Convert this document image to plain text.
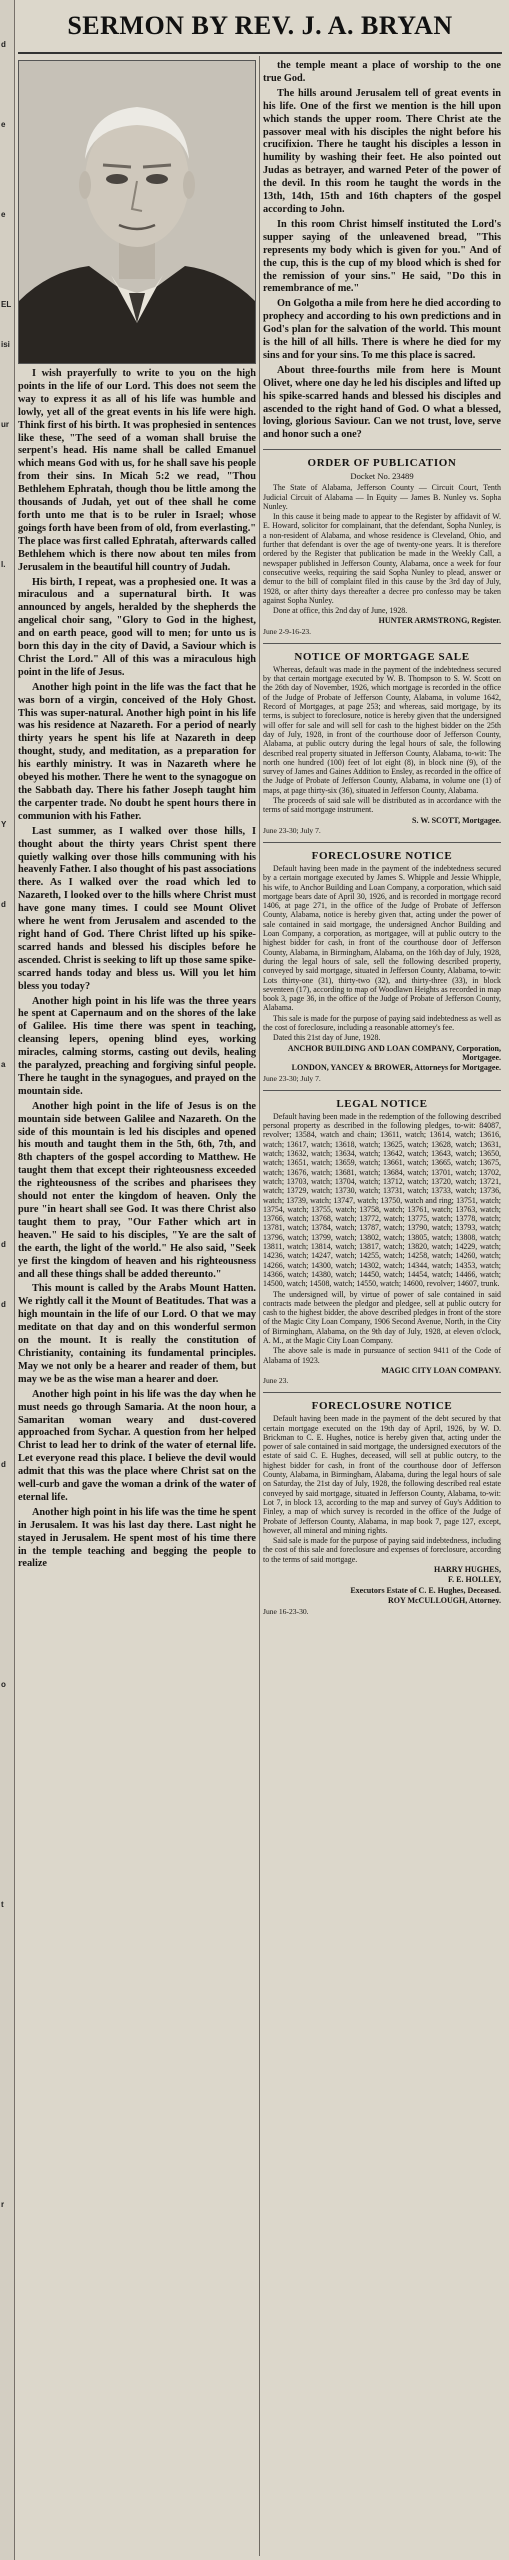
d
e
e
EL
isi
ur
l.
Y
d
a
d
d
d
o
t
r
SERMON BY REV. J. A. BRYAN

I wish prayerfully to write to you on the high points in the life of our Lord. This does not seem the way to express it as all of his life was humble and lowly, yet all of the great events in his life were high. Think first of his birth. It was prophesied in sentences like these, "The seed of a woman shall bruise the serpent's head. His name shall be called Emanuel which means God with us, for he shall save his people from their sins. In Micah 5:2 we read, "Thou Bethlehem Ephratah, though thou be little among the thousands of Judah, yet out of thee shall he come forth unto me that is to be ruler in Israel; whose goings forth have been from of old, from everlasting." The place was first called Ephratah, afterwards called Bethlehem which is there now about ten miles from Jerusalem in the beautiful hill country of Judah.

His birth, I repeat, was a prophesied one. It was a miraculous and a supernatural birth. It was announced by angels, heralded by the shepherds the angelical choir sang, "Glory to God in the highest, and on earth peace, good will to men; for unto us is born this day in the city of David, a Saviour which is Christ the Lord." All of this was a miraculous high point in the life of Jesus.

Another high point in the life was the fact that he was born of a virgin, conceived of the Holy Ghost. This was super-natural. Another high point in his life was his residence at Nazareth. For a period of nearly thirty years he spent his life at Nazareth in deep thought, study, and meditation, as a preparation for his earthly ministry. It was in Nazareth where he obeyed his mother. There he went to the synagogue on the Sabbath day. There his father Joseph taught him the carpenter trade. No doubt he spent hours there in communion with his Father.

Last summer, as I walked over those hills, I thought about the thirty years Christ spent there quietly walking over those hills communing with his heavenly Father. I also thought of his past associations there. As I walked over the road which led to Nazareth, I looked over to the hills where Christ must have gone many times. I could see Mount Olivet where he went from Jerusalem and ascended to the right hand of God. There Christ lifted up his spike-scarred hands and blessed his disciples before he ascended. Christ is seeking to lift up those same spike-scarred hands today and bless us. Will you let him bless you today?

Another high point in his life was the three years he spent at Capernaum and on the shores of the lake of Galilee. His time there was spent in teaching, cleansing lepers, opening blind eyes, working miracles, calming storms, casting out devils, healing the paralyzed, preaching and forgiving sinful people. There he taught in the synagogues, and prayed on the mountain side.

Another high point in the life of Jesus is on the mountain side between Galilee and Nazareth. On the side of this mountain is led his disciples and opened his mouth and taught them in the 5th, 6th, 7th, and 8th chapters of the gospel according to Matthew. He taught them that except their righteousness exceeded the righteousness of the scribes and pharisees they should not enter the kingdom of heaven. Only the pure "in heart shall see God. It was there Christ also taught them to pray, "Our Father which art in heaven." He said to his disciples, "Ye are the salt of the earth, the light of the world." He also said, "Seek ye first the kingdom of heaven and his righteousness and all these things shall be added thereunto."

This mount is called by the Arabs Mount Hatten. We rightly call it the Mount of Beatitudes. That was a high mountain in the life of our Lord. O that we may meditate on that day and on this wonderful sermon on the mount. It is really the constitution of Christianity, containing its fundamental principles. May we not only be a hearer and reader of them, but may we be as the wise man a hearer and doer.

Another high point in his life was the day when he must needs go through Samaria. At the noon hour, a Samaritan woman weary and dust-covered approached from Sychar. A question from her helped Christ to lead her to drink of the water of eternal life. Let everyone read this place. I believe the devil would admit that this was the place where Christ sat on the well-curb and gave the woman a drink of the water of eternal life.

Another high point in his life was the time he spent in Jerusalem. It was his last day there. Last night he stayed in Jerusalem. He spent most of his time there in the temple teaching and begging the people to realize

the temple meant a place of worship to the one true God.

The hills around Jerusalem tell of great events in his life. One of the first we mention is the hill upon which stands the upper room. There Christ ate the passover meal with his disciples the night before his crucifixion. There he taught his disciples a lesson in humility by washing their feet. He also pointed out Judas as betrayer, and warned Peter of the power of the devil. In this room he taught the words in the 13th, 14th, 15th and 16th chapters of the gospel according to John.

In this room Christ himself instituted the Lord's supper saying of the unleavened bread, "This represents my body which is given for you." And of the cup, this is the cup of my blood which is shed for the remission of your sins." He said, "Do this in remembrance of me."

On Golgotha a mile from here he died according to prophecy and according to his own predictions and in God's plan for the salvation of the world. This mount is the hill of all hills. There is where he died for my sins and for your sins. To me this place is sacred.

About three-fourths mile from here is Mount Olivet, where one day he led his disciples and lifted up his spike-scarred hands and blessed his disciples and ascended to the right hand of God. O what a blessed, loving, glorious Saviour. Can we not trust, love, serve and honor such a one?

ORDER OF PUBLICATION
Docket No. 23489

The State of Alabama, Jefferson County — Circuit Court, Tenth Judicial Circuit of Alabama — In Equity — James B. Nunley vs. Sopha Nunley.

In this cause it being made to appear to the Register by affidavit of W. E. Howard, solicitor for complainant, that the defendant, Sopha Nunley, is a non-resident of Alabama, and whose residence is Cleveland, Ohio, and further that defendant is over the age of twenty-one years. It is therefore ordered by the Register that publication be made in the Weekly Call, a newspaper published in Jefferson County, Alabama, once a week for four consecutive weeks, requiring the said Sopha Nunley to plead, answer or demur to the bill of complaint filed in this cause by the 3rd day of July, 1928, or after thirty days thereafter a decree pro confesso may be taken against Sopha Nunley.

Done at office, this 2nd day of June, 1928.

HUNTER ARMSTRONG, Register.
June 2-9-16-23.
NOTICE OF MORTGAGE SALE

Whereas, default was made in the payment of the indebtedness secured by that certain mortgage executed by W. B. Thompson to S. W. Scott on the 26th day of November, 1926, which mortgage is recorded in the office of the Judge of Probate of Jefferson County, Alabama, in volume 1642, Record of Mortgages, at page 253; and whereas, said mortgage, by its terms, is subject to foreclosure, notice is hereby given that the undersigned will offer for sale and will sell for cash to the highest bidder on the 25th day of July, 1928, in front of the courthouse door of Jefferson County, Alabama, at public outcry during the legal hours of sale, the following described real property situated in Jefferson County, Alabama, to-wit: The north one hundred (100) feet of lot eight (8), in block nine (9), of the survey of James and Gaines Addition to Ensley, as recorded in the office of the Judge of Probate of Jefferson County, Alabama, in volume one (1) of maps, at page thirty-six (36), situated in Jefferson County, Alabama.

The proceeds of said sale will be distributed as in accordance with the terms of said mortgage instrument.

S. W. SCOTT, Mortgagee.
June 23-30; July 7.
FORECLOSURE NOTICE

Default having been made in the payment of the indebtedness secured by a certain mortgage executed by James S. Whipple and Jessie Whipple, his wife, to Anchor Building and Loan Company, a corporation, which said mortgage bears date of April 30, 1926, and is recorded in mortgage record 1406, at page 271, in the office of the Judge of Probate of Jefferson County, Alabama, notice is hereby given that, acting under the power of sale contained in said mortgage, the undersigned Anchor Building and Loan Company, a corporation, as mortgagee, will at public outcry to the highest bidder for cash, in front of the courthouse door of Jefferson County, Alabama, in Birmingham, Alabama, on the 16th day of July, 1928, during the legal hours of sale, sell the following described property, conveyed by said mortgage, situated in Jefferson County, Alabama, to-wit: Lots thirty-one (31), thirty-two (32), and thirty-three (33), in block seventeen (17), according to map of Woodlawn Heights as recorded in map book 3, page 36, in the office of the Judge of Probate of Jefferson County, Alabama.

This sale is made for the purpose of paying said indebtedness as well as the cost of foreclosure, including a reasonable attorney's fee.

Dated this 21st day of June, 1928.

ANCHOR BUILDING AND LOAN COMPANY, Corporation, Mortgagee.
LONDON, YANCEY & BROWER, Attorneys for Mortgagee.
June 23-30; July 7.
LEGAL NOTICE

Default having been made in the redemption of the following described personal property as described in the following pledges, to-wit: 84087, revolver; 13584, watch and chain; 13611, watch; 13614, watch; 13616, watch; 13617, watch; 13618, watch; 13625, watch; 13628, watch; 13631, watch; 13632, watch; 13634, watch; 13642, watch; 13643, watch; 13650, watch; 13651, watch; 13659, watch; 13661, watch; 13665, watch; 13675, watch; 13676, watch; 13681, watch; 13684, watch; 13701, watch; 13702, watch; 13703, watch; 13704, watch; 13712, watch; 13720, watch; 13721, watch; 13729, watch; 13730, watch; 13731, watch; 13733, watch; 13736, watch; 13739, watch; 13747, watch; 13750, watch and ring; 13751, watch; 13754, watch; 13755, watch; 13758, watch; 13761, watch; 13763, watch; 13766, watch; 13768, watch; 13772, watch; 13775, watch; 13778, watch; 13781, watch; 13784, watch; 13787, watch; 13790, watch; 13793, watch; 13796, watch; 13799, watch; 13802, watch; 13805, watch; 13808, watch; 13811, watch; 13814, watch; 13817, watch; 13820, watch; 14229, watch; 14236, watch; 14247, watch; 14255, watch; 14258, watch; 14260, watch; 14266, watch; 14300, watch; 14302, watch; 14344, watch; 14353, watch; 14366, watch; 14380, watch; 14450, watch; 14454, watch; 14466, watch; 14500, watch; 14508, watch; 14550, watch; 14600, revolver; 14607, trunk.

The undersigned will, by virtue of power of sale contained in said contracts made between the pledgor and pledgee, sell at public outcry for cash to the highest bidder, the above described pledges in front of the store of the Magic City Loan Company, 1906 Second Avenue, North, in the City of Birmingham, Alabama, on the 9th day of July, 1928, at eleven o'clock, A. M., at the Magic City Loan Company.

The above sale is made in pursuance of section 9411 of the Code of Alabama of 1923.

MAGIC CITY LOAN COMPANY.
June 23.
FORECLOSURE NOTICE

Default having been made in the payment of the debt secured by that certain mortgage executed on the 19th day of April, 1926, by W. D. Brickman to C. E. Hughes, notice is hereby given that, acting under the power of sale contained in said mortgage, the undersigned executors of the estate of said C. E. Hughes, deceased, will sell at public outcry, to the highest bidder for cash, in front of the courthouse door of Jefferson County, Alabama, in Birmingham, Alabama, during the legal hours of sale on Saturday, the 21st day of July, 1928, the following described real estate conveyed by said mortgage, situated in Jefferson County, Alabama, to-wit: Lot 7, in block 13, according to the map and survey of Guy's Addition to Finley, a map of which survey is recorded in the office of the Judge of Probate of Jefferson County, Alabama, in map book 7, page 127, except, however, all mineral and mining rights.

Said sale is made for the purpose of paying said indebtedness, including the cost of this sale and foreclosure and expenses of foreclosure, according to the terms of said mortgage.

HARRY HUGHES,
F. E. HOLLEY,
Executors Estate of C. E. Hughes, Deceased.
ROY McCULLOUGH, Attorney.
June 16-23-30.
